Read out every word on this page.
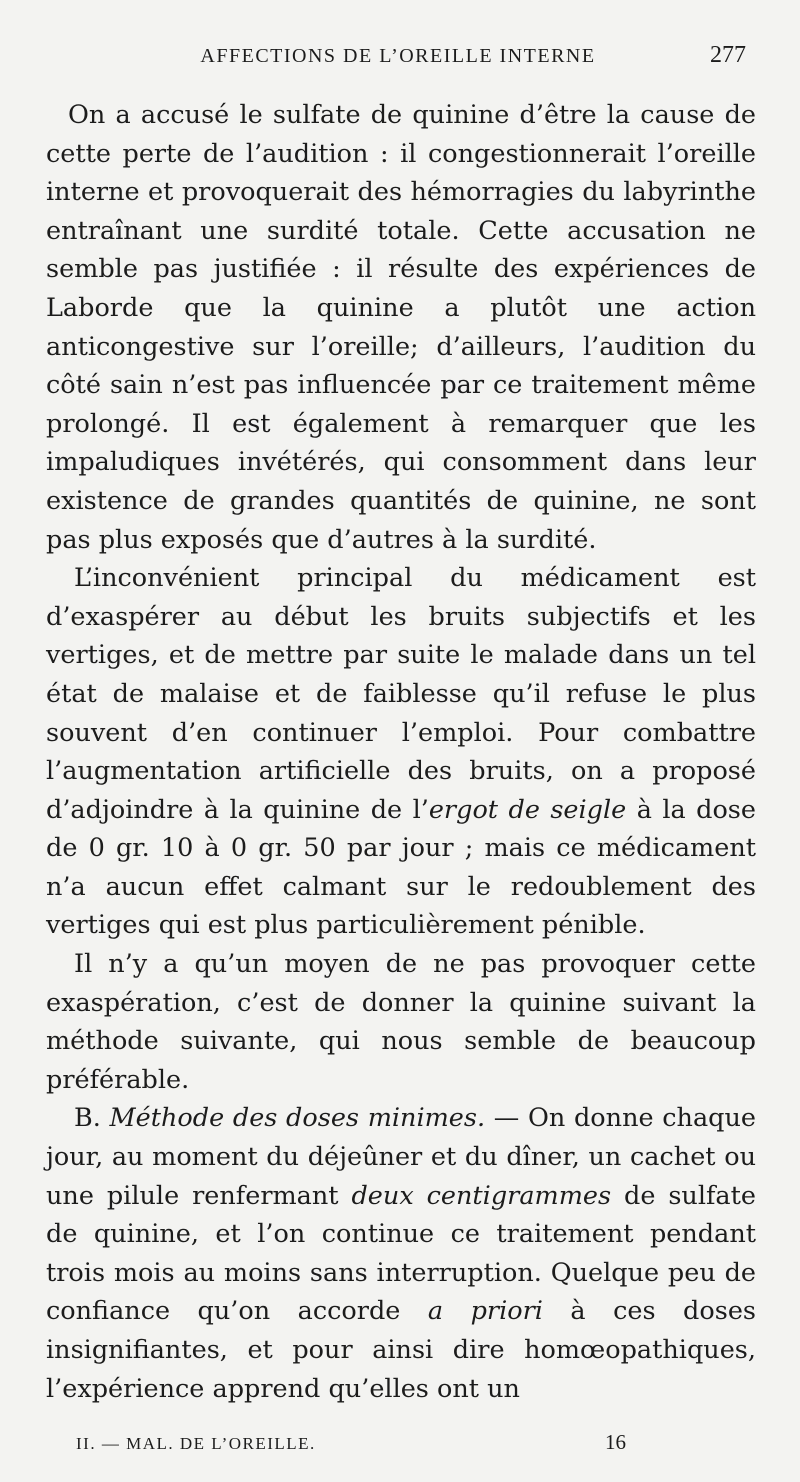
AFFECTIONS DE L’OREILLE INTERNE	277

On a accusé le sulfate de quinine d’être la cause de cette perte de l’audition : il congestionnerait l’oreille interne et provoquerait des hémorragies du labyrinthe entraînant une surdité totale. Cette accusation ne semble pas justifiée : il résulte des expériences de Laborde que la quinine a plutôt une action anticongestive sur l’oreille; d’ailleurs, l’audition du côté sain n’est pas influencée par ce traitement même prolongé. Il est également à remarquer que les impaludiques invétérés, qui consomment dans leur existence de grandes quantités de quinine, ne sont pas plus exposés que d’autres à la surdité.

L’inconvénient principal du médicament est d’exaspérer au début les bruits subjectifs et les vertiges, et de mettre par suite le malade dans un tel état de malaise et de faiblesse qu’il refuse le plus souvent d’en continuer l’emploi. Pour combattre l’augmentation artificielle des bruits, on a proposé d’adjoindre à la quinine de l’ergot de seigle à la dose de 0 gr. 10 à 0 gr. 50 par jour ; mais ce médicament n’a aucun effet calmant sur le redoublement des vertiges qui est plus particulièrement pénible.

Il n’y a qu’un moyen de ne pas provoquer cette exaspération, c’est de donner la quinine suivant la méthode suivante, qui nous semble de beaucoup préférable.

B. Méthode des doses minimes. — On donne chaque jour, au moment du déjeûner et du dîner, un cachet ou une pilule renfermant deux centigrammes de sulfate de quinine, et l’on continue ce traitement pendant trois mois au moins sans interruption. Quelque peu de confiance qu’on accorde a priori à ces doses insignifiantes, et pour ainsi dire homœopathiques, l’expérience apprend qu’elles ont un

II. — MAL. DE L’OREILLE.	16
